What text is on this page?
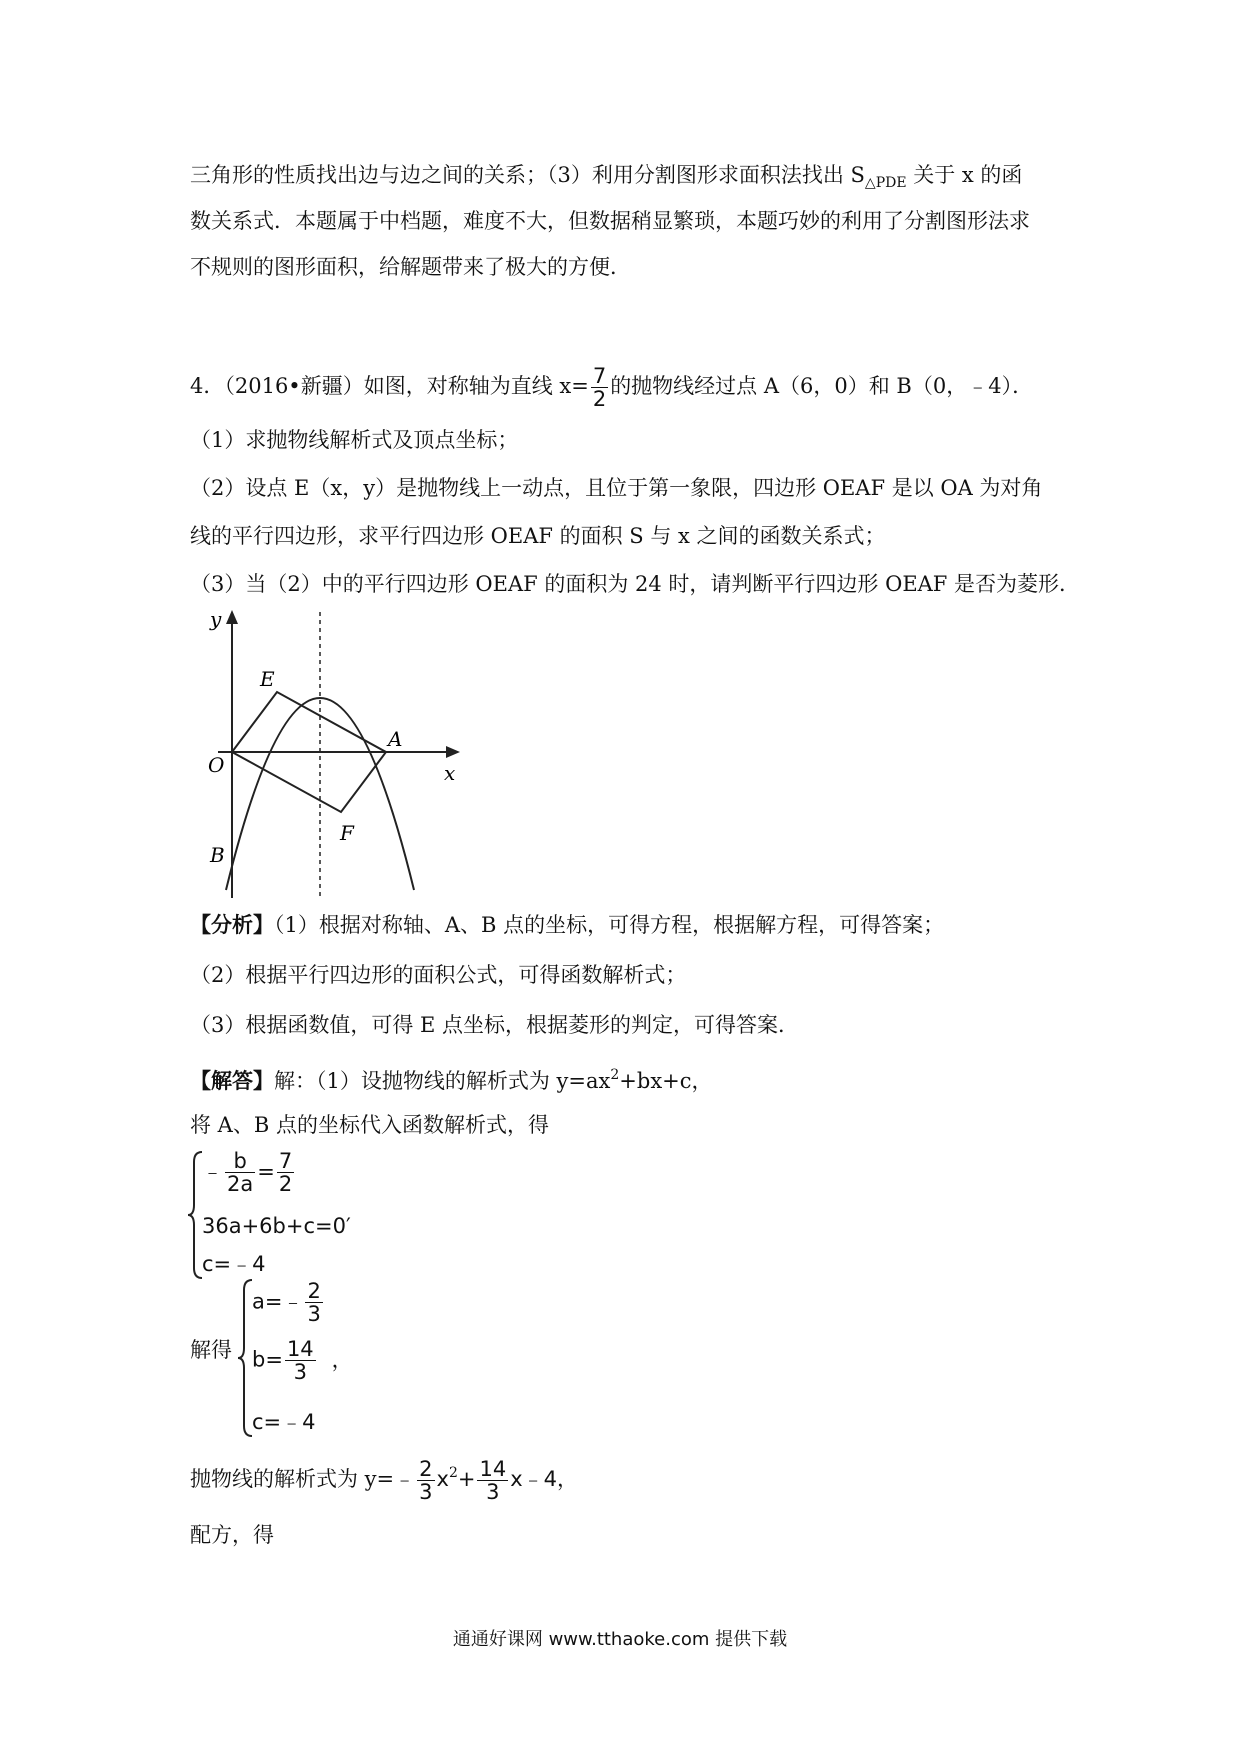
三角形的性质找出边与边之间的关系；（3）利用分割图形求面积法找出 $S_{\triangle PDE}$ 关于 x 的函
数关系式．本题属于中档题，难度不大，但数据稍显繁琐，本题巧妙的利用了分割图形法求
不规则的图形面积，给解题带来了极大的方便．
4．（2016•新疆）如图，对称轴为直线 $x= \frac{7}{2}$ 的抛物线经过点 A（6，0）和 B（0，﹣4）．
（1）求抛物线解析式及顶点坐标；
（2）设点 E（x，y）是抛物线上一动点，且位于第一象限，四边形 OEAF 是以 OA 为对角
线的平行四边形，求平行四边形 OEAF 的面积 S 与 x 之间的函数关系式；
（3）当（2）中的平行四边形 OEAF 的面积为 24 时，请判断平行四边形 OEAF 是否为菱形．
y
x
O
A
B
E
F
【分析】（1）根据对称轴、A、B 点的坐标，可得方程，根据解方程，可得答案；
（2）根据平行四边形的面积公式，可得函数解析式；
（3）根据函数值，可得 E 点坐标，根据菱形的判定，可得答案．
【解答】解：（1）设抛物线的解析式为 $y=ax^2+bx+c$，
将 A、B 点的坐标代入函数解析式，得
﹣ $\frac{b}{2a} = \frac{7}{2}$
36a+6b+c=0′
c=﹣4
解得
a=﹣ $\frac{2}{3}$
$b= \frac{14}{3}$ ，
c=﹣4
抛物线的解析式为 y=﹣ $\frac{2}{3} x^2+ \frac{14}{3}$ x﹣4，
配方，得
通通好课网 www.tthaoke.com 提供下载
